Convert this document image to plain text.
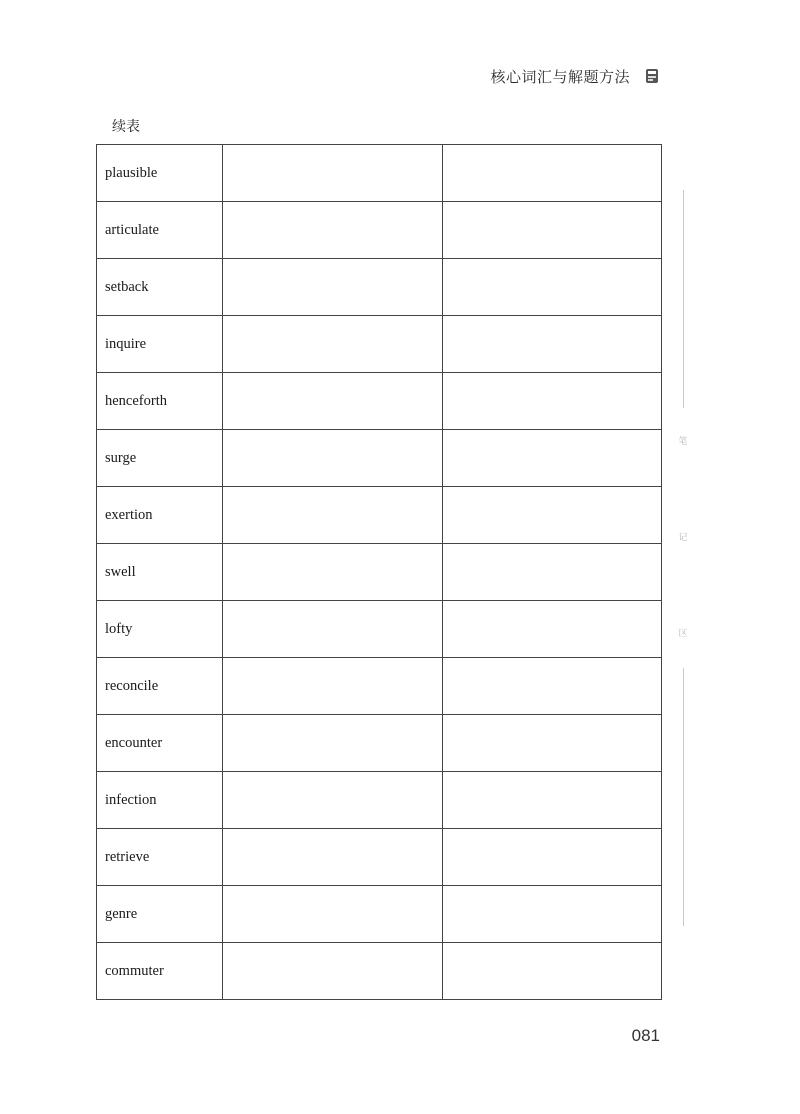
核心词汇与解题方法
续表
plausible		
articulate		
setback		
inquire		
henceforth		
surge		
exertion		
swell		
lofty		
reconcile		
encounter		
infection		
retrieve		
genre		
commuter		
笔
记
区
081
